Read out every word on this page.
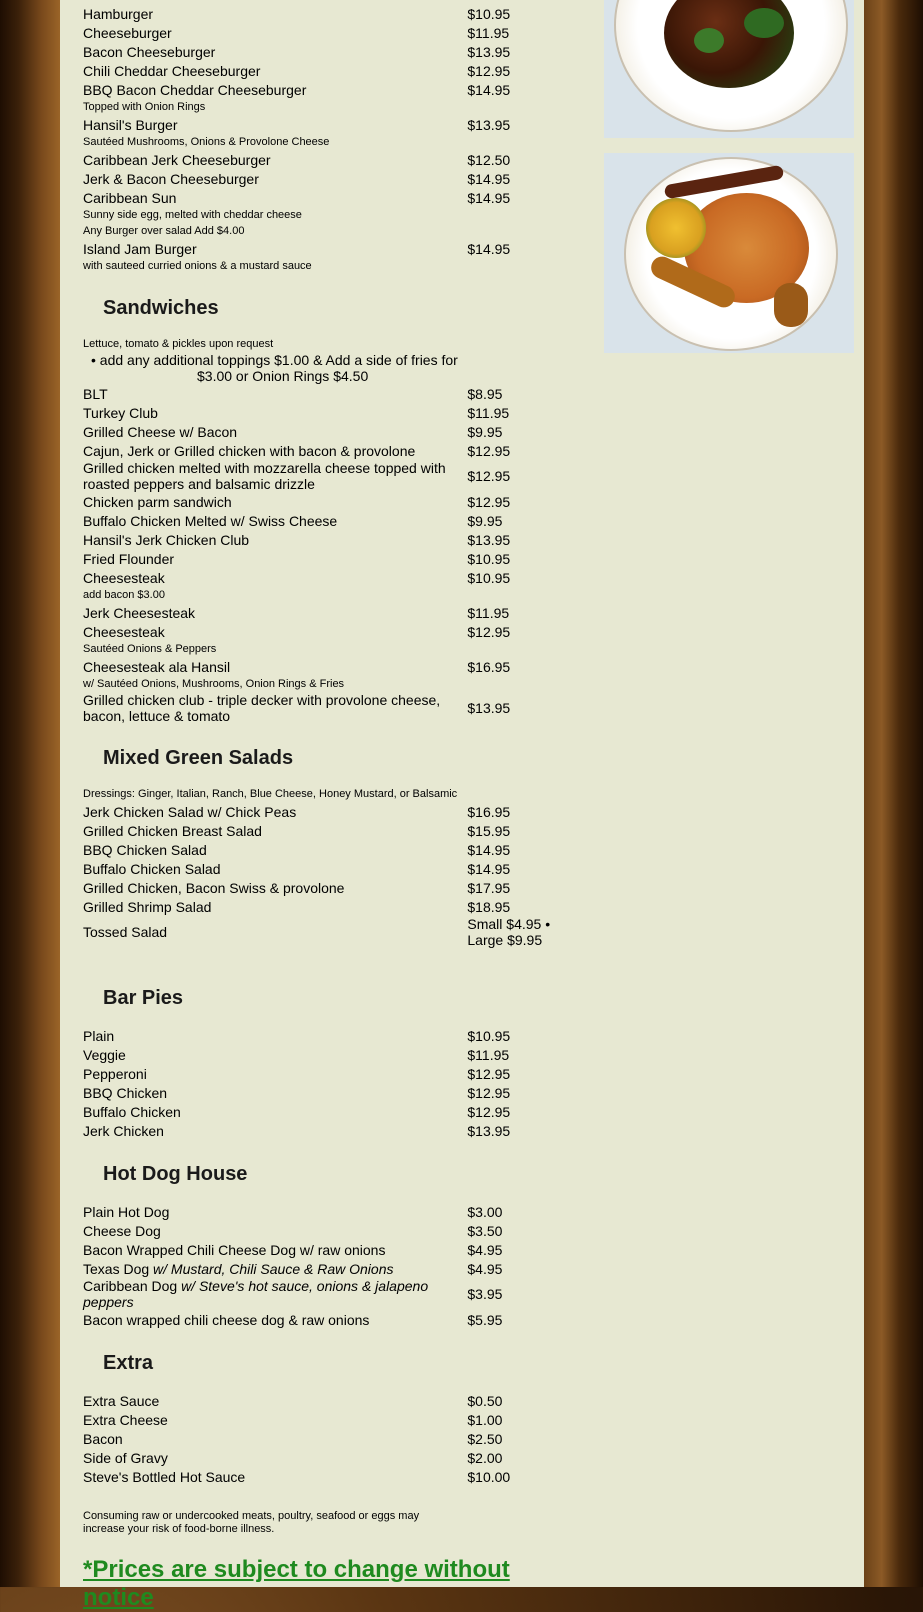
Hamburger	$10.95
Cheeseburger	$11.95
Bacon Cheeseburger	$13.95
Chili Cheddar Cheeseburger	$12.95
BBQ Bacon Cheddar Cheeseburger	$14.95
Topped with Onion Rings
Hansil's Burger	$13.95
Sautéed Mushrooms, Onions & Provolone Cheese
Caribbean Jerk Cheeseburger	$12.50
Jerk & Bacon Cheeseburger	$14.95
Caribbean Sun	$14.95
Sunny side egg, melted with cheddar cheese
Any Burger over salad Add $4.00
Island Jam Burger	$14.95
with sauteed curried onions & a mustard sauce
Sandwiches
Lettuce, tomato & pickles upon request
• add any additional toppings $1.00 & Add a side of fries for
$3.00 or Onion Rings $4.50
BLT	$8.95
Turkey Club	$11.95
Grilled Cheese w/ Bacon	$9.95
Cajun, Jerk or Grilled chicken with bacon & provolone	$12.95
Grilled chicken melted with mozzarella cheese topped with roasted peppers and balsamic drizzle	$12.95
Chicken parm sandwich	$12.95
Buffalo Chicken Melted w/ Swiss Cheese	$9.95
Hansil's Jerk Chicken Club	$13.95
Fried Flounder	$10.95
Cheesesteak	$10.95
add bacon $3.00
Jerk Cheesesteak	$11.95
Cheesesteak	$12.95
Sautéed Onions & Peppers
Cheesesteak ala Hansil	$16.95
w/ Sautéed Onions, Mushrooms, Onion Rings & Fries
Grilled chicken club - triple decker with provolone cheese, bacon, lettuce & tomato	$13.95
Mixed Green Salads
Dressings: Ginger, Italian, Ranch, Blue Cheese, Honey Mustard, or Balsamic
Jerk Chicken Salad w/ Chick Peas	$16.95
Grilled Chicken Breast Salad	$15.95
BBQ Chicken Salad	$14.95
Buffalo Chicken Salad	$14.95
Grilled Chicken, Bacon Swiss & provolone	$17.95
Grilled Shrimp Salad	$18.95
Tossed Salad	Small $4.95 • Large $9.95
Bar Pies
Plain	$10.95
Veggie	$11.95
Pepperoni	$12.95
BBQ Chicken	$12.95
Buffalo Chicken	$12.95
Jerk Chicken	$13.95
Hot Dog House
Plain Hot Dog	$3.00
Cheese Dog	$3.50
Bacon Wrapped Chili Cheese Dog w/ raw onions	$4.95
Texas Dog w/ Mustard, Chili Sauce & Raw Onions	$4.95
Caribbean Dog w/ Steve's hot sauce, onions & jalapeno peppers	$3.95
Bacon wrapped chili cheese dog & raw onions	$5.95
Extra
Extra Sauce	$0.50
Extra Cheese	$1.00
Bacon	$2.50
Side of Gravy	$2.00
Steve's Bottled Hot Sauce	$10.00
Consuming raw or undercooked meats, poultry, seafood or eggs may increase your risk of food-borne illness.
*Prices are subject to change without notice
